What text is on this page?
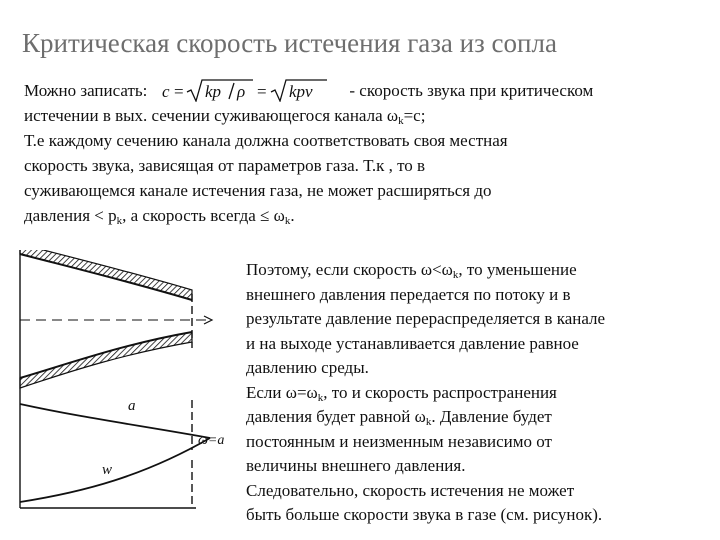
Критическая скорость истечения газа из сопла
Можно записать: c = kp ρ = kpv - скорость звука при критическом
истечении в вых. сечении суживающегося канала $\omega_k=c$;
Т.е каждому сечению канала должна соответствовать своя местная
скорость звука, зависящая от параметров газа. Т.к , то в
суживающемся канале истечения газа, не может расширяться до
давления < $p_k$, а скорость всегда ≤ $\omega_k$.
a
w
ω=a

Поэтому, если скорость $\omega<\omega_k$, то уменьшение
внешнего давления передается по потоку и в
результате давление перераспределяется в канале
и на выходе устанавливается давление равное
давлению среды.

Если $\omega=\omega_k$, то и скорость распространения
давления будет равной $\omega_k$. Давление будет
постоянным и неизменным независимо от
величины внешнего давления.

Следовательно, скорость истечения не может
быть больше скорости звука в газе (см. рисунок).
